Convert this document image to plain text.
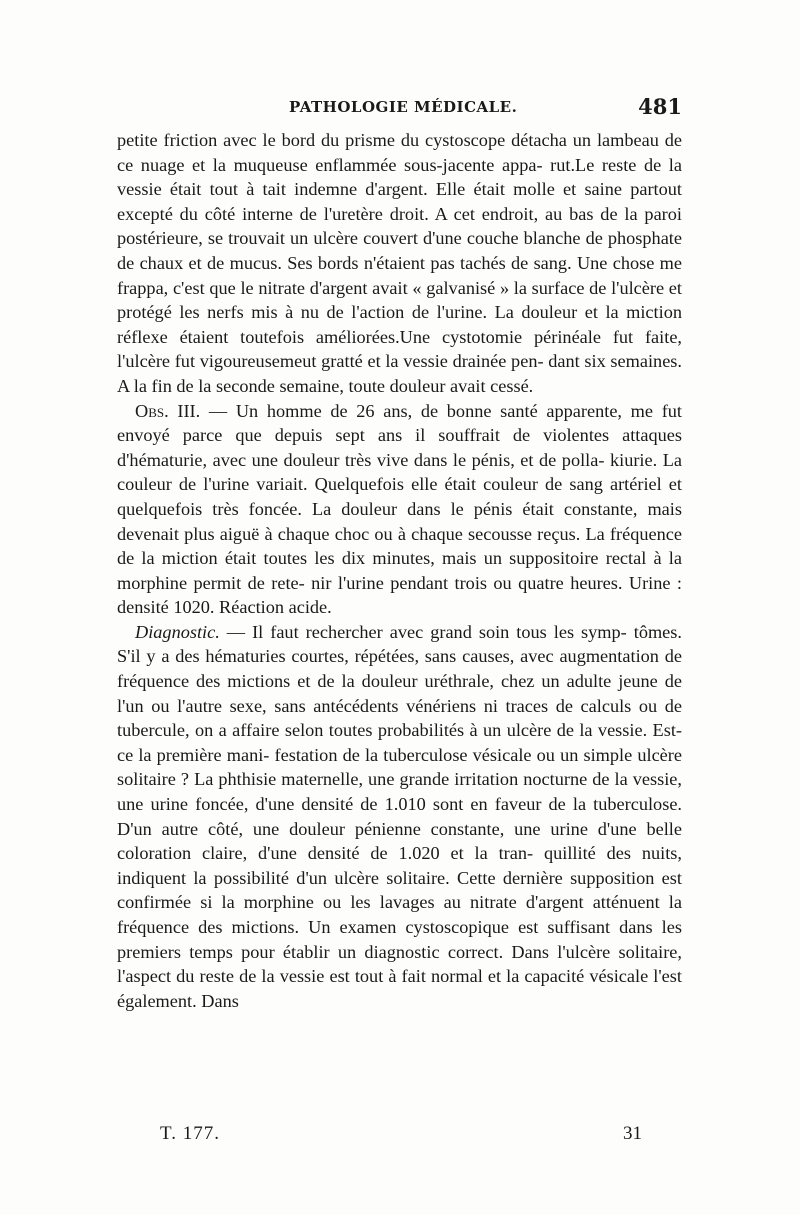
PATHOLOGIE MÉDICALE.	481

petite friction avec le bord du prisme du cystoscope détacha un lambeau de ce nuage et la muqueuse enflammée sous-jacente appa- rut.Le reste de la vessie était tout à tait indemne d'argent. Elle était molle et saine partout excepté du côté interne de l'uretère droit. A cet endroit, au bas de la paroi postérieure, se trouvait un ulcère couvert d'une couche blanche de phosphate de chaux et de mucus. Ses bords n'étaient pas tachés de sang. Une chose me frappa, c'est que le nitrate d'argent avait « galvanisé » la surface de l'ulcère et protégé les nerfs mis à nu de l'action de l'urine. La douleur et la miction réflexe étaient toutefois améliorées.Une cystotomie périnéale fut faite, l'ulcère fut vigoureusemeut gratté et la vessie drainée pen- dant six semaines. A la fin de la seconde semaine, toute douleur avait cessé.

Obs. III. — Un homme de 26 ans, de bonne santé apparente, me fut envoyé parce que depuis sept ans il souffrait de violentes attaques d'hématurie, avec une douleur très vive dans le pénis, et de polla- kiurie. La couleur de l'urine variait. Quelquefois elle était couleur de sang artériel et quelquefois très foncée. La douleur dans le pénis était constante, mais devenait plus aiguë à chaque choc ou à chaque secousse reçus. La fréquence de la miction était toutes les dix minutes, mais un suppositoire rectal à la morphine permit de rete- nir l'urine pendant trois ou quatre heures. Urine : densité 1020. Réaction acide.

Diagnostic. — Il faut rechercher avec grand soin tous les symp- tômes. S'il y a des hématuries courtes, répétées, sans causes, avec augmentation de fréquence des mictions et de la douleur uréthrale, chez un adulte jeune de l'un ou l'autre sexe, sans antécédents vénériens ni traces de calculs ou de tubercule, on a affaire selon toutes probabilités à un ulcère de la vessie. Est-ce la première mani- festation de la tuberculose vésicale ou un simple ulcère solitaire ? La phthisie maternelle, une grande irritation nocturne de la vessie, une urine foncée, d'une densité de 1.010 sont en faveur de la tuberculose. D'un autre côté, une douleur pénienne constante, une urine d'une belle coloration claire, d'une densité de 1.020 et la tran- quillité des nuits, indiquent la possibilité d'un ulcère solitaire. Cette dernière supposition est confirmée si la morphine ou les lavages au nitrate d'argent atténuent la fréquence des mictions. Un examen cystoscopique est suffisant dans les premiers temps pour établir un diagnostic correct. Dans l'ulcère solitaire, l'aspect du reste de la vessie est tout à fait normal et la capacité vésicale l'est également. Dans

T. 177.	31
